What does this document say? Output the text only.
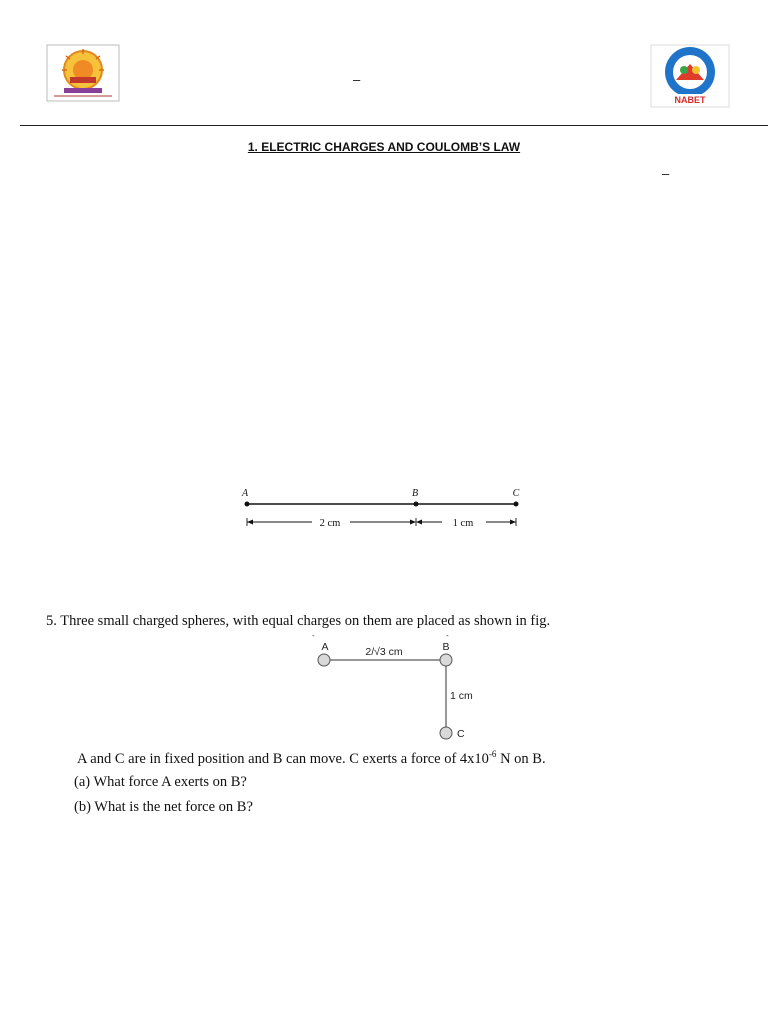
–
NABET
1. ELECTRIC CHARGES AND COULOMB’S LAW
–
A	B	C
2 cm	1 cm
5. Three small charged spheres, with equal charges on them are placed as shown in fig.
-	-
A	B
2/√3 cm
1 cm
C
A and C are in fixed position and B can move. C exerts a force of $4x10^{-6}$ N on B.
(a) What force A exerts on B?
(b) What is the net force on B?
